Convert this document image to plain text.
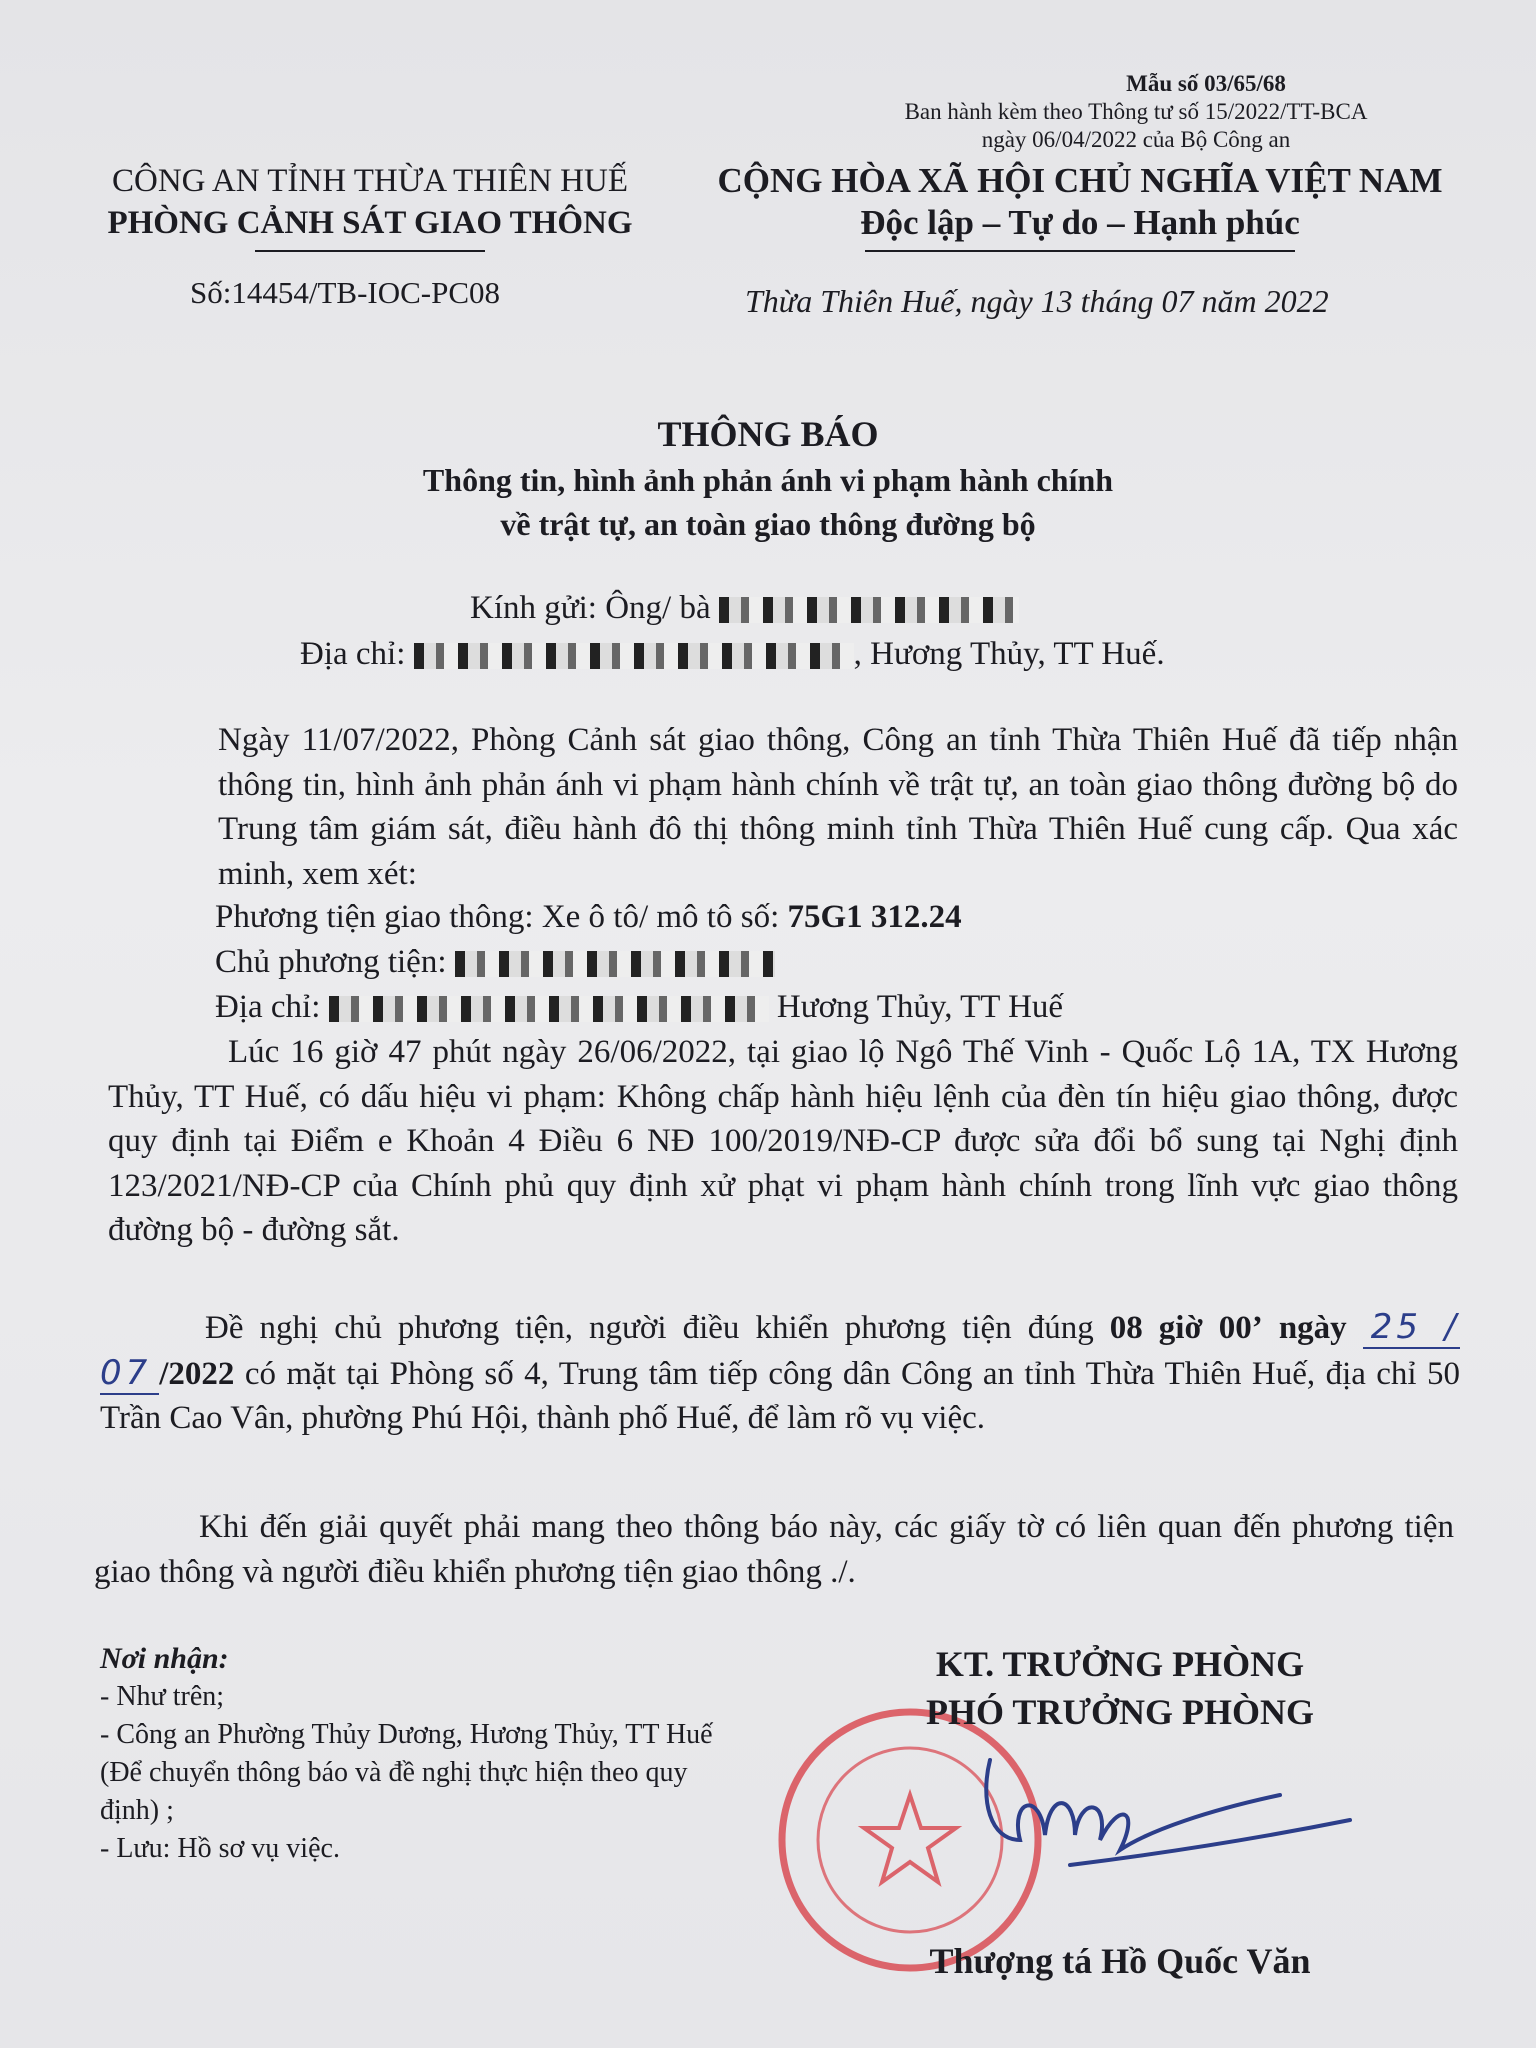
Mẫu số 03/65/68
Ban hành kèm theo Thông tư số 15/2022/TT-BCA
ngày 06/04/2022 của Bộ Công an
CÔNG AN TỈNH THỪA THIÊN HUẾ
PHÒNG CẢNH SÁT GIAO THÔNG
Số:14454/TB-IOC-PC08
CỘNG HÒA XÃ HỘI CHỦ NGHĨA VIỆT NAM
Độc lập – Tự do – Hạnh phúc
Thừa Thiên Huế, ngày 13 tháng 07 năm 2022
THÔNG BÁO
Thông tin, hình ảnh phản ánh vi phạm hành chính
về trật tự, an toàn giao thông đường bộ
Kính gửi: Ông/ bà
Địa chỉ:	, Hương Thủy, TT Huế.
Ngày 11/07/2022, Phòng Cảnh sát giao thông, Công an tỉnh Thừa Thiên Huế đã tiếp nhận thông tin, hình ảnh phản ánh vi phạm hành chính về trật tự, an toàn giao thông đường bộ do Trung tâm giám sát, điều hành đô thị thông minh tỉnh Thừa Thiên Huế cung cấp. Qua xác minh, xem xét:
Phương tiện giao thông: Xe ô tô/ mô tô số: 75G1 312.24
Chủ phương tiện:
Địa chỉ:	Hương Thủy, TT Huế
Lúc 16 giờ 47 phút ngày 26/06/2022, tại giao lộ Ngô Thế Vinh - Quốc Lộ 1A, TX Hương Thủy, TT Huế, có dấu hiệu vi phạm: Không chấp hành hiệu lệnh của đèn tín hiệu giao thông, được quy định tại Điểm e Khoản 4 Điều 6 NĐ 100/2019/NĐ-CP được sửa đổi bổ sung tại Nghị định 123/2021/NĐ-CP của Chính phủ quy định xử phạt vi phạm hành chính trong lĩnh vực giao thông đường bộ - đường sắt.
Đề nghị chủ phương tiện, người điều khiển phương tiện đúng 08 giờ 00’ ngày 25 / 07 /2022 có mặt tại Phòng số 4, Trung tâm tiếp công dân Công an tỉnh Thừa Thiên Huế, địa chỉ 50 Trần Cao Vân, phường Phú Hội, thành phố Huế, để làm rõ vụ việc.
Khi đến giải quyết phải mang theo thông báo này, các giấy tờ có liên quan đến phương tiện giao thông và người điều khiển phương tiện giao thông ./.
Nơi nhận:
- Như trên;
- Công an Phường Thủy Dương, Hương Thủy, TT Huế (Để chuyển thông báo và đề nghị thực hiện theo quy định) ;
- Lưu: Hồ sơ vụ việc.
KT. TRƯỞNG PHÒNG
PHÓ TRƯỞNG PHÒNG
Thượng tá Hồ Quốc Văn
